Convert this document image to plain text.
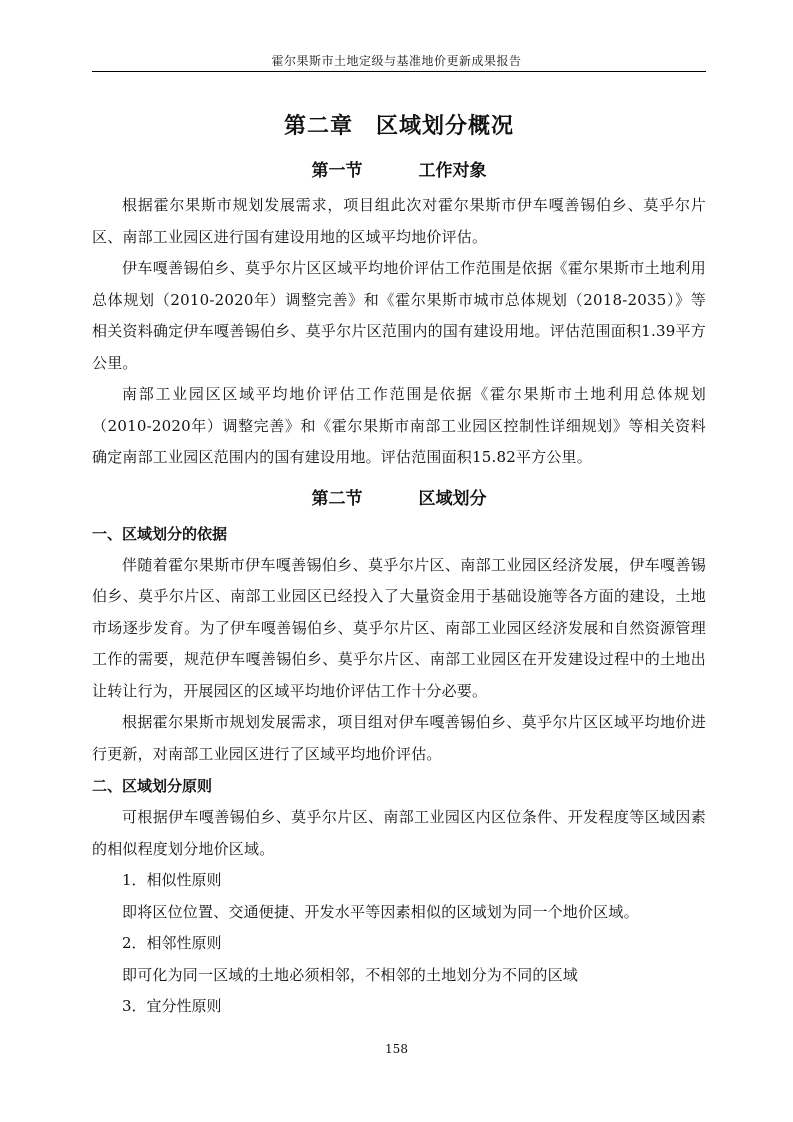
霍尔果斯市土地定级与基准地价更新成果报告
第二章　区域划分概况
第一节	工作对象

根据霍尔果斯市规划发展需求，项目组此次对霍尔果斯市伊车嘎善锡伯乡、莫乎尔片区、南部工业园区进行国有建设用地的区域平均地价评估。

伊车嘎善锡伯乡、莫乎尔片区区域平均地价评估工作范围是依据《霍尔果斯市土地利用总体规划（2010-2020年）调整完善》和《霍尔果斯市城市总体规划（2018-2035）》等相关资料确定伊车嘎善锡伯乡、莫乎尔片区范围内的国有建设用地。评估范围面积1.39平方公里。

南部工业园区区域平均地价评估工作范围是依据《霍尔果斯市土地利用总体规划（2010-2020年）调整完善》和《霍尔果斯市南部工业园区控制性详细规划》等相关资料确定南部工业园区范围内的国有建设用地。评估范围面积15.82平方公里。

第二节	区域划分
一、区域划分的依据

伴随着霍尔果斯市伊车嘎善锡伯乡、莫乎尔片区、南部工业园区经济发展，伊车嘎善锡伯乡、莫乎尔片区、南部工业园区已经投入了大量资金用于基础设施等各方面的建设，土地市场逐步发育。为了伊车嘎善锡伯乡、莫乎尔片区、南部工业园区经济发展和自然资源管理工作的需要，规范伊车嘎善锡伯乡、莫乎尔片区、南部工业园区在开发建设过程中的土地出让转让行为，开展园区的区域平均地价评估工作十分必要。

根据霍尔果斯市规划发展需求，项目组对伊车嘎善锡伯乡、莫乎尔片区区域平均地价进行更新，对南部工业园区进行了区域平均地价评估。

二、区域划分原则

可根据伊车嘎善锡伯乡、莫乎尔片区、南部工业园区内区位条件、开发程度等区域因素的相似程度划分地价区域。

1．相似性原则

即将区位位置、交通便捷、开发水平等因素相似的区域划为同一个地价区域。

2．相邻性原则

即可化为同一区域的土地必须相邻，不相邻的土地划分为不同的区域

3．宜分性原则

158
